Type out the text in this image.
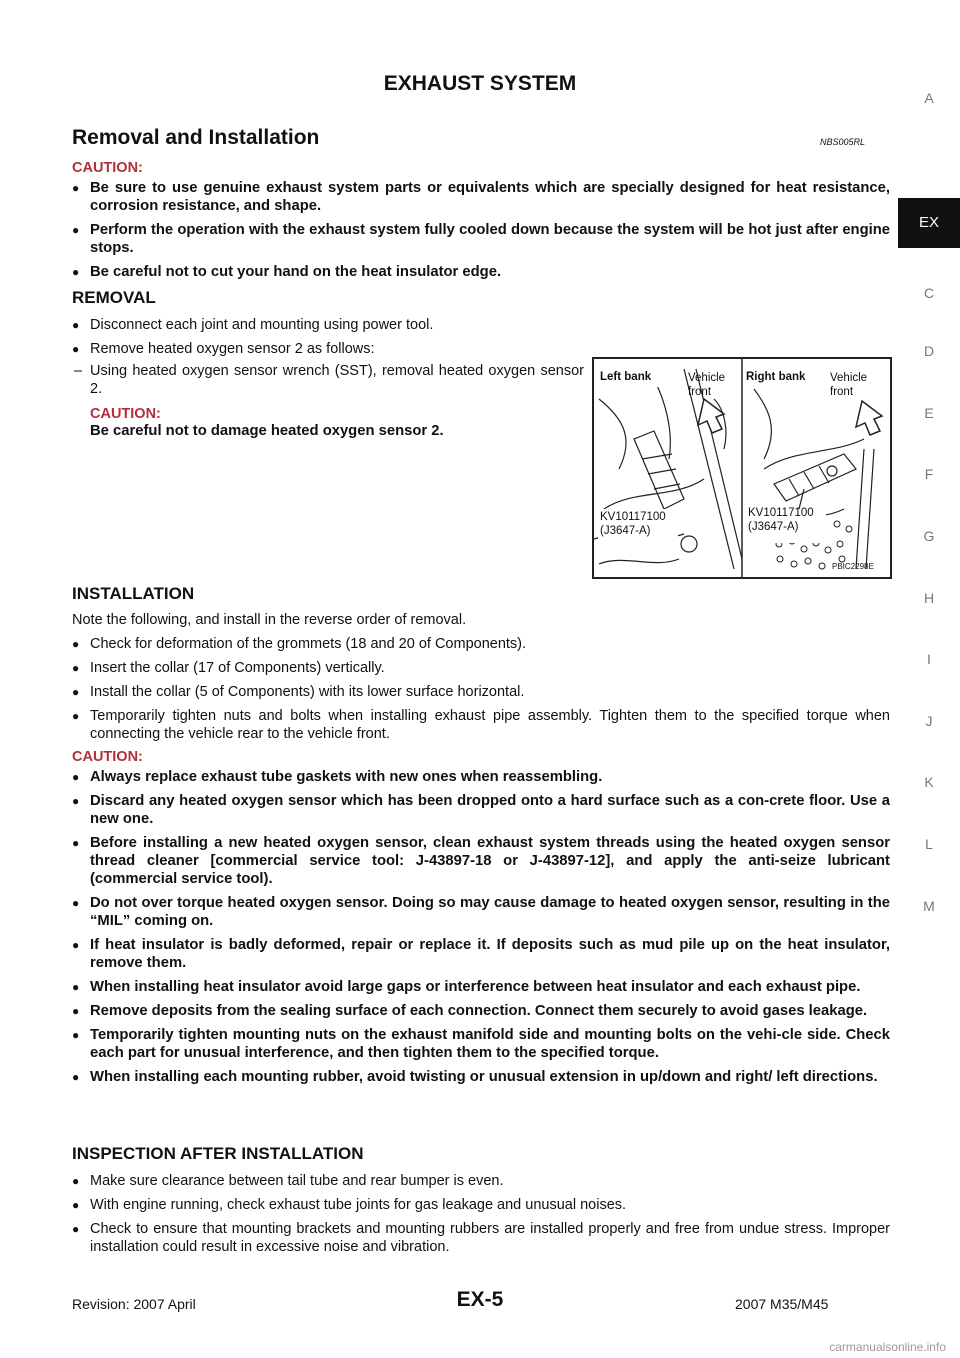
EXHAUST SYSTEM
Removal and Installation	NBS005RL
CAUTION:
● Be sure to use genuine exhaust system parts or equivalents which are specially designed for heat resistance, corrosion resistance, and shape.
● Perform the operation with the exhaust system fully cooled down because the system will be hot just after engine stops.
● Be careful not to cut your hand on the heat insulator edge.
REMOVAL
● Disconnect each joint and mounting using power tool.
● Remove heated oxygen sensor 2 as follows:
– Using heated oxygen sensor wrench (SST), removal heated oxygen sensor 2.
CAUTION:
Be careful not to damage heated oxygen sensor 2.
Left bank	Vehicle front
Right bank Vehicle front
KV10117100
(J3647-A)
KV10117100
(J3647-A)
PBIC2298E
INSTALLATION
Note the following, and install in the reverse order of removal.
● Check for deformation of the grommets (18 and 20 of Components).
● Insert the collar (17 of Components) vertically.
● Install the collar (5 of Components) with its lower surface horizontal.
● Temporarily tighten nuts and bolts when installing exhaust pipe assembly. Tighten them to the specified torque when connecting the vehicle rear to the vehicle front.
CAUTION:
● Always replace exhaust tube gaskets with new ones when reassembling.
● Discard any heated oxygen sensor which has been dropped onto a hard surface such as a con-crete floor. Use a new one.
● Before installing a new heated oxygen sensor, clean exhaust system threads using the heated oxygen sensor thread cleaner [commercial service tool: J-43897-18 or J-43897-12], and apply the anti-seize lubricant (commercial service tool).
● Do not over torque heated oxygen sensor. Doing so may cause damage to heated oxygen sensor, resulting in the “MIL” coming on.
● If heat insulator is badly deformed, repair or replace it. If deposits such as mud pile up on the heat insulator, remove them.
● When installing heat insulator avoid large gaps or interference between heat insulator and each exhaust pipe.
● Remove deposits from the sealing surface of each connection. Connect them securely to avoid gases leakage.
● Temporarily tighten mounting nuts on the exhaust manifold side and mounting bolts on the vehi-cle side. Check each part for unusual interference, and then tighten them to the specified torque.
● When installing each mounting rubber, avoid twisting or unusual extension in up/down and right/ left directions.
INSPECTION AFTER INSTALLATION
● Make sure clearance between tail tube and rear bumper is even.
● With engine running, check exhaust tube joints for gas leakage and unusual noises.
● Check to ensure that mounting brackets and mounting rubbers are installed properly and free from undue stress. Improper installation could result in excessive noise and vibration.
A
EX
C
D
E
F
G
H
I
J
K
L
M
Revision: 2007 April	EX-5	2007 M35/M45
carmanualsonline.info
